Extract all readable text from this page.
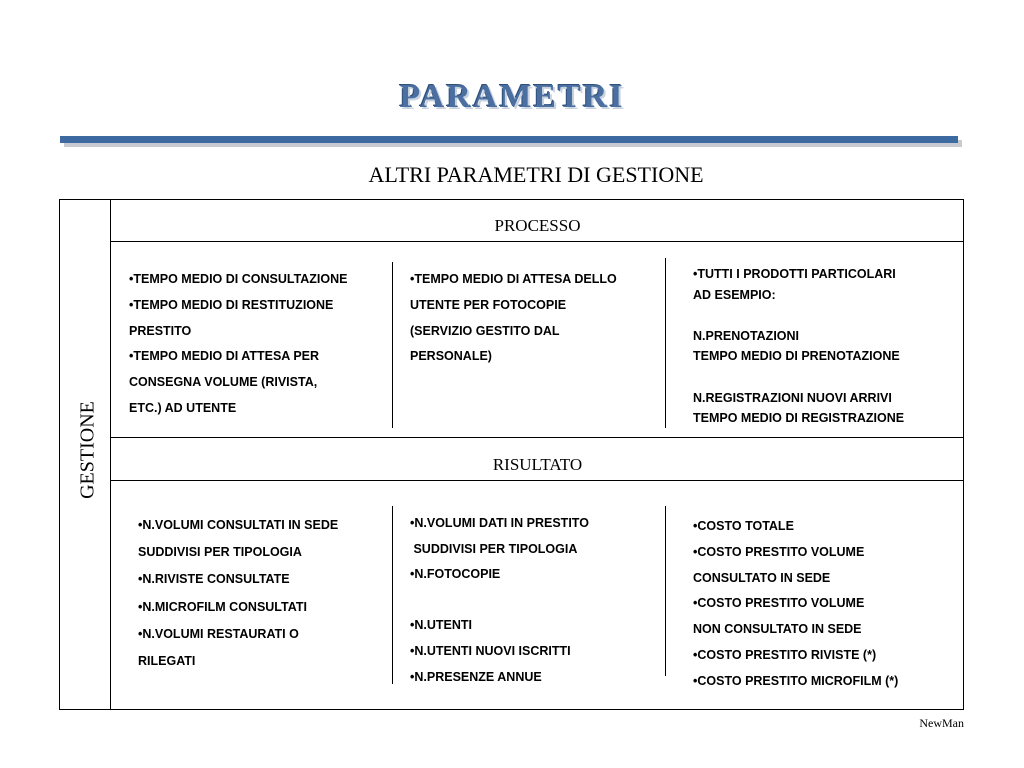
PARAMETRI
ALTRI PARAMETRI DI GESTIONE
GESTIONE
PROCESSO
RISULTATO
•TEMPO MEDIO DI CONSULTAZIONE
•TEMPO MEDIO DI RESTITUZIONE
PRESTITO
•TEMPO MEDIO DI ATTESA PER
CONSEGNA VOLUME (RIVISTA,
ETC.) AD UTENTE
•TEMPO MEDIO DI ATTESA DELLO
UTENTE PER FOTOCOPIE
(SERVIZIO GESTITO DAL
PERSONALE)
•TUTTI I PRODOTTI PARTICOLARI
AD ESEMPIO:

N.PRENOTAZIONI
TEMPO MEDIO DI PRENOTAZIONE

N.REGISTRAZIONI NUOVI ARRIVI
TEMPO MEDIO DI REGISTRAZIONE
•N.VOLUMI CONSULTATI IN SEDE
SUDDIVISI PER TIPOLOGIA
•N.RIVISTE CONSULTATE
•N.MICROFILM CONSULTATI
•N.VOLUMI RESTAURATI O
RILEGATI
•N.VOLUMI DATI IN PRESTITO
SUDDIVISI PER TIPOLOGIA
•N.FOTOCOPIE

•N.UTENTI
•N.UTENTI NUOVI ISCRITTI
•N.PRESENZE ANNUE
•COSTO TOTALE
•COSTO PRESTITO VOLUME
CONSULTATO IN SEDE
•COSTO PRESTITO VOLUME
NON CONSULTATO IN SEDE
•COSTO PRESTITO RIVISTE (*)
•COSTO PRESTITO MICROFILM (*)
NewMan
